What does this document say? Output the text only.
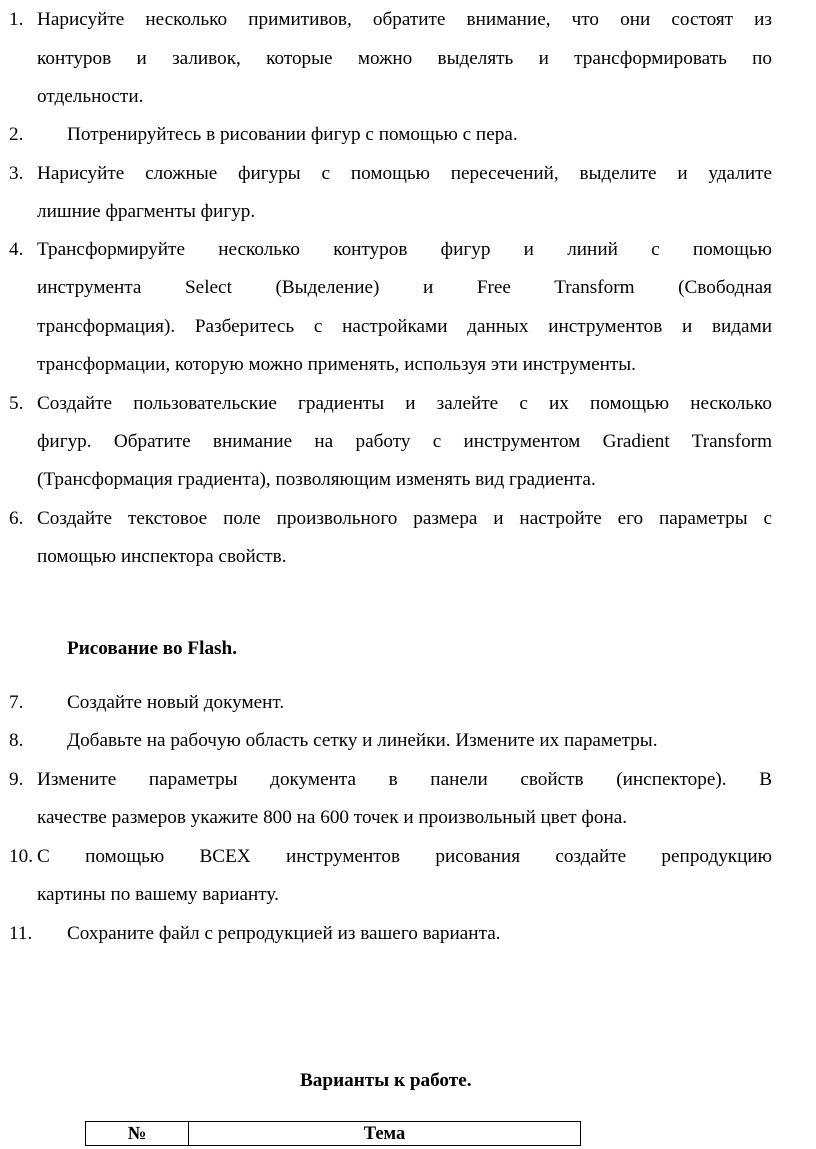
1. Нарисуйте несколько примитивов, обратите внимание, что они состоят из
контуров и заливок, которые можно выделять и трансформировать по
отдельности.
2. Потренируйтесь в рисовании фигур с помощью с пера.
3. Нарисуйте сложные фигуры с помощью пересечений, выделите и удалите
лишние фрагменты фигур.
4. Трансформируйте несколько контуров фигур и линий с помощью
инструмента Select (Выделение) и Free Transform (Свободная
трансформация). Разберитесь с настройками данных инструментов и видами
трансформации, которую можно применять, используя эти инструменты.
5. Создайте пользовательские градиенты и залейте с их помощью несколько
фигур. Обратите внимание на работу с инструментом Gradient Transform
(Трансформация градиента), позволяющим изменять вид градиента.
6. Создайте текстовое поле произвольного размера и настройте его параметры с
помощью инспектора свойств.
Рисование во Flash.
7. Создайте новый документ.
8. Добавьте на рабочую область сетку и линейки. Измените их параметры.
9. Измените параметры документа в панели свойств (инспекторе). В
качестве размеров укажите 800 на 600 точек и произвольный цвет фона.
10. С помощью ВСЕХ инструментов рисования создайте репродукцию
картины по вашему варианту.
11. Сохраните файл с репродукцией из вашего варианта.
Варианты к работе.
№	Тема
